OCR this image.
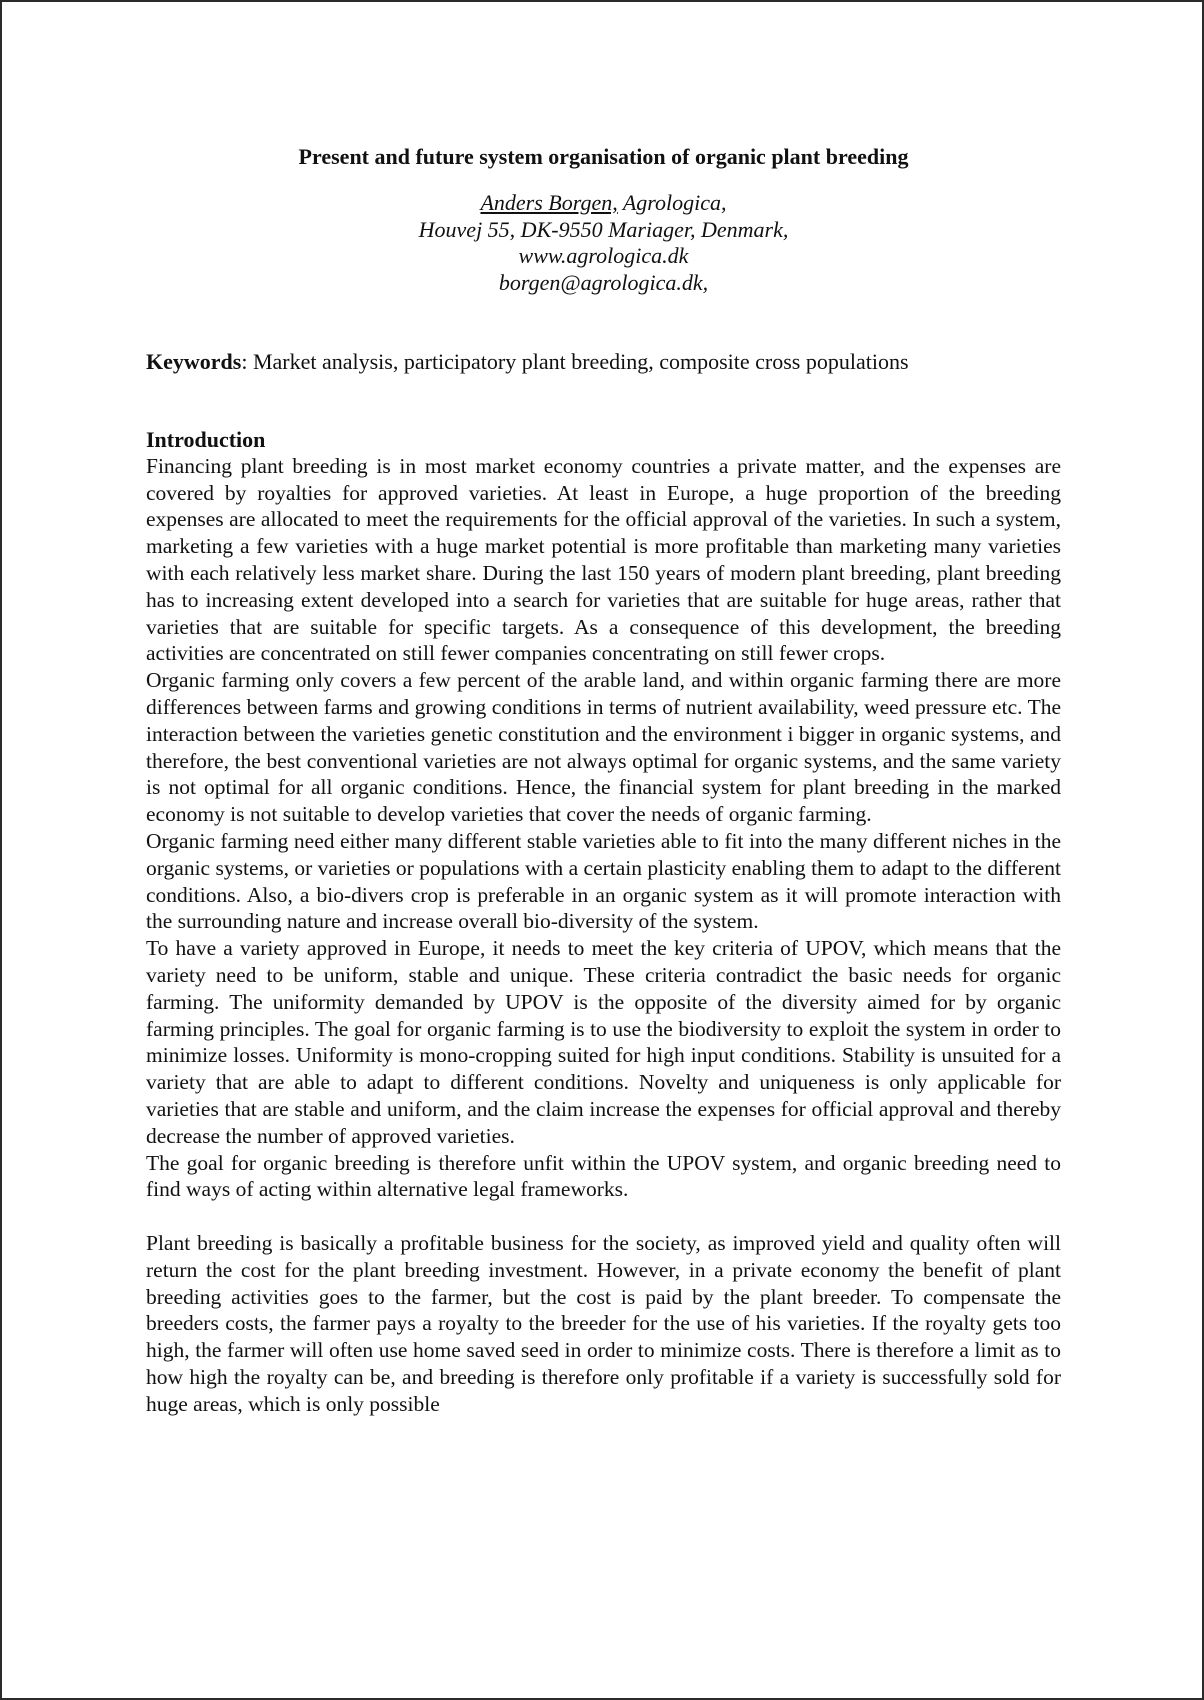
Present and future system organisation of organic plant breeding
Anders Borgen, Agrologica,
Houvej 55, DK-9550 Mariager, Denmark,
www.agrologica.dk
borgen@agrologica.dk,
Keywords: Market analysis, participatory plant breeding, composite cross populations
Introduction

Financing plant breeding is in most market economy countries a private matter, and the expenses are covered by royalties for approved varieties. At least in Europe, a huge proportion of the breeding expenses are allocated to meet the requirements for the official approval of the varieties. In such a system, marketing a few varieties with a huge market potential is more profitable than marketing many varieties with each relatively less market share. During the last 150 years of modern plant breeding, plant breeding has to increasing extent developed into a search for varieties that are suitable for huge areas, rather that varieties that are suitable for specific targets. As a consequence of this development, the breeding activities are concentrated on still fewer companies concentrating on still fewer crops.

Organic farming only covers a few percent of the arable land, and within organic farming there are more differences between farms and growing conditions in terms of nutrient availability, weed pressure etc. The interaction between the varieties genetic constitution and the environment i bigger in organic systems, and therefore, the best conventional varieties are not always optimal for organic systems, and the same variety is not optimal for all organic conditions. Hence, the financial system for plant breeding in the marked economy is not suitable to develop varieties that cover the needs of organic farming.

Organic farming need either many different stable varieties able to fit into the many different niches in the organic systems, or varieties or populations with a certain plasticity enabling them to adapt to the different conditions. Also, a bio-divers crop is preferable in an organic system as it will promote interaction with the surrounding nature and increase overall bio-diversity of the system.

To have a variety approved in Europe, it needs to meet the key criteria of UPOV, which means that the variety need to be uniform, stable and unique. These criteria contradict the basic needs for organic farming. The uniformity demanded by UPOV is the opposite of the diversity aimed for by organic farming principles. The goal for organic farming is to use the biodiversity to exploit the system in order to minimize losses. Uniformity is mono-cropping suited for high input conditions. Stability is unsuited for a variety that are able to adapt to different conditions. Novelty and uniqueness is only applicable for varieties that are stable and uniform, and the claim increase the expenses for official approval and thereby decrease the number of approved varieties.

The goal for organic breeding is therefore unfit within the UPOV system, and organic breeding need to find ways of acting within alternative legal frameworks.

Plant breeding is basically a profitable business for the society, as improved yield and quality often will return the cost for the plant breeding investment. However, in a private economy the benefit of plant breeding activities goes to the farmer, but the cost is paid by the plant breeder. To compensate the breeders costs, the farmer pays a royalty to the breeder for the use of his varieties. If the royalty gets too high, the farmer will often use home saved seed in order to minimize costs. There is therefore a limit as to how high the royalty can be, and breeding is therefore only profitable if a variety is successfully sold for huge areas, which is only possible
